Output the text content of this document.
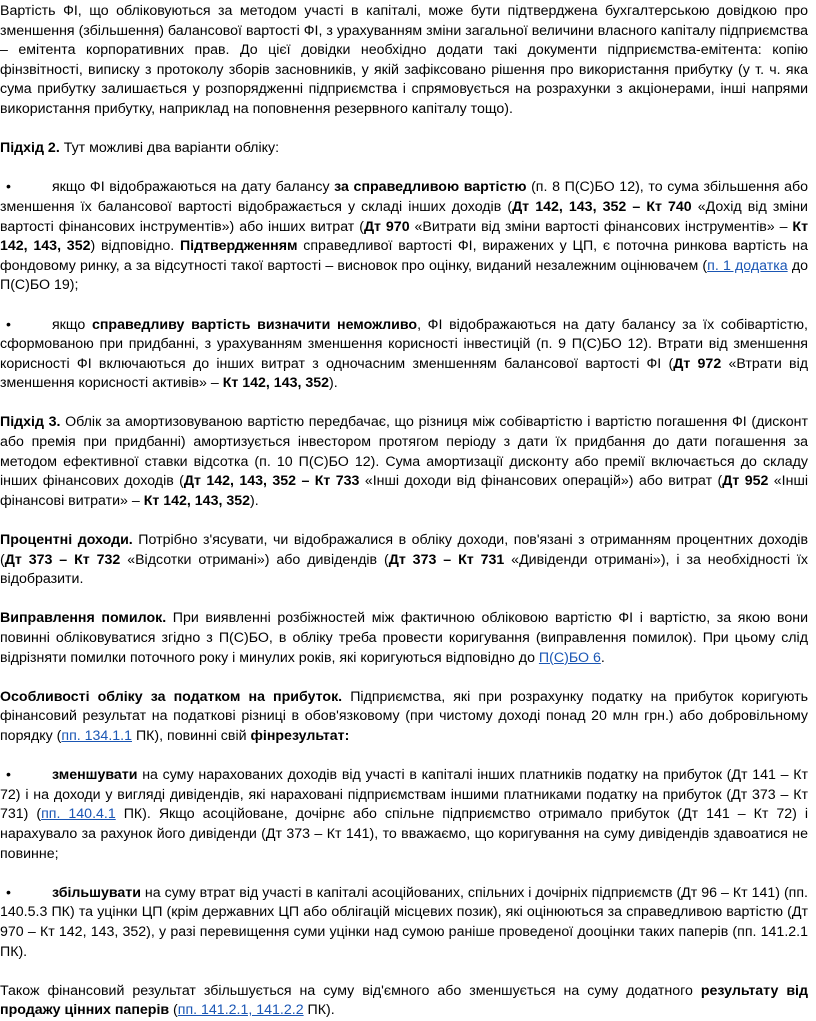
Вартість ФІ, що обліковуються за методом участі в капіталі, може бути підтверджена бухгалтерською довідкою про зменшення (збільшення) балансової вартості ФІ, з урахуванням зміни загальної величини власного капіталу підприємства – емітента корпоративних прав. До цієї довідки необхідно додати такі документи підприємства-емітента: копію фінзвітності, виписку з протоколу зборів засновників, у якій зафіксовано рішення про використання прибутку (у т. ч. яка сума прибутку залишається у розпорядженні підприємства і спрямовується на розрахунки з акціонерами, інші напрями використання прибутку, наприклад на поповнення резервного капіталу тощо).

Підхід 2. Тут можливі два варіанти обліку:

•	якщо ФІ відображаються на дату балансу за справедливою вартістю (п. 8 П(С)БО 12), то сума збільшення або зменшення їх балансової вартості відображається у складі інших доходів (Дт 142, 143, 352 – Кт 740 «Дохід від зміни вартості фінансових інструментів») або інших витрат (Дт 970 «Витрати від зміни вартості фінансових інструментів» – Кт 142, 143, 352) відповідно. Підтвердженням справедливої вартості ФІ, виражених у ЦП, є поточна ринкова вартість на фондовому ринку, а за відсутності такої вартості – висновок про оцінку, виданий незалежним оцінювачем (п. 1 додатка до П(С)БО 19);

•	якщо справедливу вартість визначити неможливо, ФІ відображаються на дату балансу за їх собівартістю, сформованою при придбанні, з урахуванням зменшення корисності інвестицій (п. 9 П(С)БО 12). Втрати від зменшення корисності ФІ включаються до інших витрат з одночасним зменшенням балансової вартості ФІ (Дт 972 «Втрати від зменшення корисності активів» – Кт 142, 143, 352).

Підхід 3. Облік за амортизовуваною вартістю передбачає, що різниця між собівартістю і вартістю погашення ФІ (дисконт або премія при придбанні) амортизується інвестором протягом періоду з дати їх придбання до дати погашення за методом ефективної ставки відсотка (п. 10 П(С)БО 12). Сума амортизації дисконту або премії включається до складу інших фінансових доходів (Дт 142, 143, 352 – Кт 733 «Інші доходи від фінансових операцій») або витрат (Дт 952 «Інші фінансові витрати» – Кт 142, 143, 352).

Процентні доходи. Потрібно з'ясувати, чи відображалися в обліку доходи, пов'язані з отриманням процентних доходів (Дт 373 – Кт 732 «Відсотки отримані») або дивідендів (Дт 373 – Кт 731 «Дивіденди отримані»), і за необхідності їх відобразити.

Виправлення помилок. При виявленні розбіжностей між фактичною обліковою вартістю ФІ і вартістю, за якою вони повинні обліковуватися згідно з П(С)БО, в обліку треба провести коригування (виправлення помилок). При цьому слід відрізняти помилки поточного року і минулих років, які коригуються відповідно до П(С)БО 6.

Особливості обліку за податком на прибуток. Підприємства, які при розрахунку податку на прибуток коригують фінансовий результат на податкові різниці в обов'язковому (при чистому доході понад 20 млн грн.) або добровільному порядку (пп. 134.1.1 ПК), повинні свій фінрезультат:

•	зменшувати на суму нарахованих доходів від участі в капіталі інших платників податку на прибуток (Дт 141 – Кт 72) і на доходи у вигляді дивідендів, які нараховані підприємствам іншими платниками податку на прибуток (Дт 373 – Кт 731) (пп. 140.4.1 ПК). Якщо асоційоване, дочірнє або спільне підприємство отримало прибуток (Дт 141 – Кт 72) і нарахувало за рахунок його дивіденди (Дт 373 – Кт 141), то вважаємо, що коригування на суму дивідендів здавоатися не повинне;

•	збільшувати на суму втрат від участі в капіталі асоційованих, спільних і дочірніх підприємств (Дт 96 – Кт 141) (пп. 140.5.3 ПК) та уцінки ЦП (крім державних ЦП або облігацій місцевих позик), які оцінюються за справедливою вартістю (Дт 970 – Кт 142, 143, 352), у разі перевищення суми уцінки над сумою раніше проведеної дооцінки таких паперів (пп. 141.2.1 ПК).

Також фінансовий результат збільшується на суму від'ємного або зменшується на суму додатного результату від продажу цінних паперів (пп. 141.2.1, 141.2.2 ПК).
